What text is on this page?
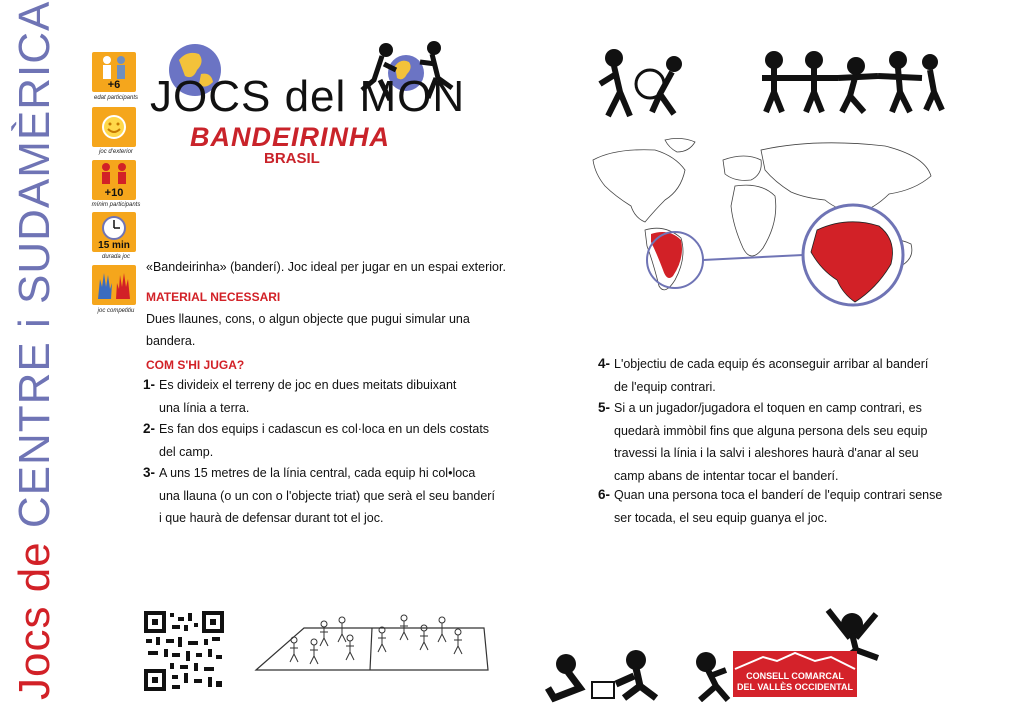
Jocs de CENTRE i SUDAMÈRICA	+6
edat participants
joc d'exterior
+10
mínim participants
15 min
durada joc
joc competitiu
JOCS del MON
BANDEIRINHA
BRASIL
«Bandeirinha» (banderí). Joc ideal per jugar en un espai exterior.
MATERIAL NECESSARI
Dues llaunes, cons, o algun objecte que pugui simular una
bandera.
COM S'HI JUGA?
1- Es divideix el terreny de joc en dues meitats dibuixant
una línia a terra.
2- Es fan dos equips i cadascun es col·loca en un dels costats
del camp.
3- A uns 15 metres de la línia central, cada equip hi col•loca
una llauna (o un con o l'objecte triat) que serà el seu banderí
i que haurà de defensar durant tot el joc.
4- L'objectiu de cada equip és aconseguir arribar al banderí
de l'equip contrari.
5- Si a un jugador/jugadora el toquen en camp contrari, es
quedarà immòbil fins que alguna persona dels seu equip
travessi la línia i la salvi i aleshores haurà d'anar al seu
camp abans de intentar tocar el banderí.
6- Quan una persona toca el banderí de l'equip contrari sense
ser tocada, el seu equip guanya el joc.
CONSELL COMARCAL
DEL VALLÈS OCCIDENTAL
